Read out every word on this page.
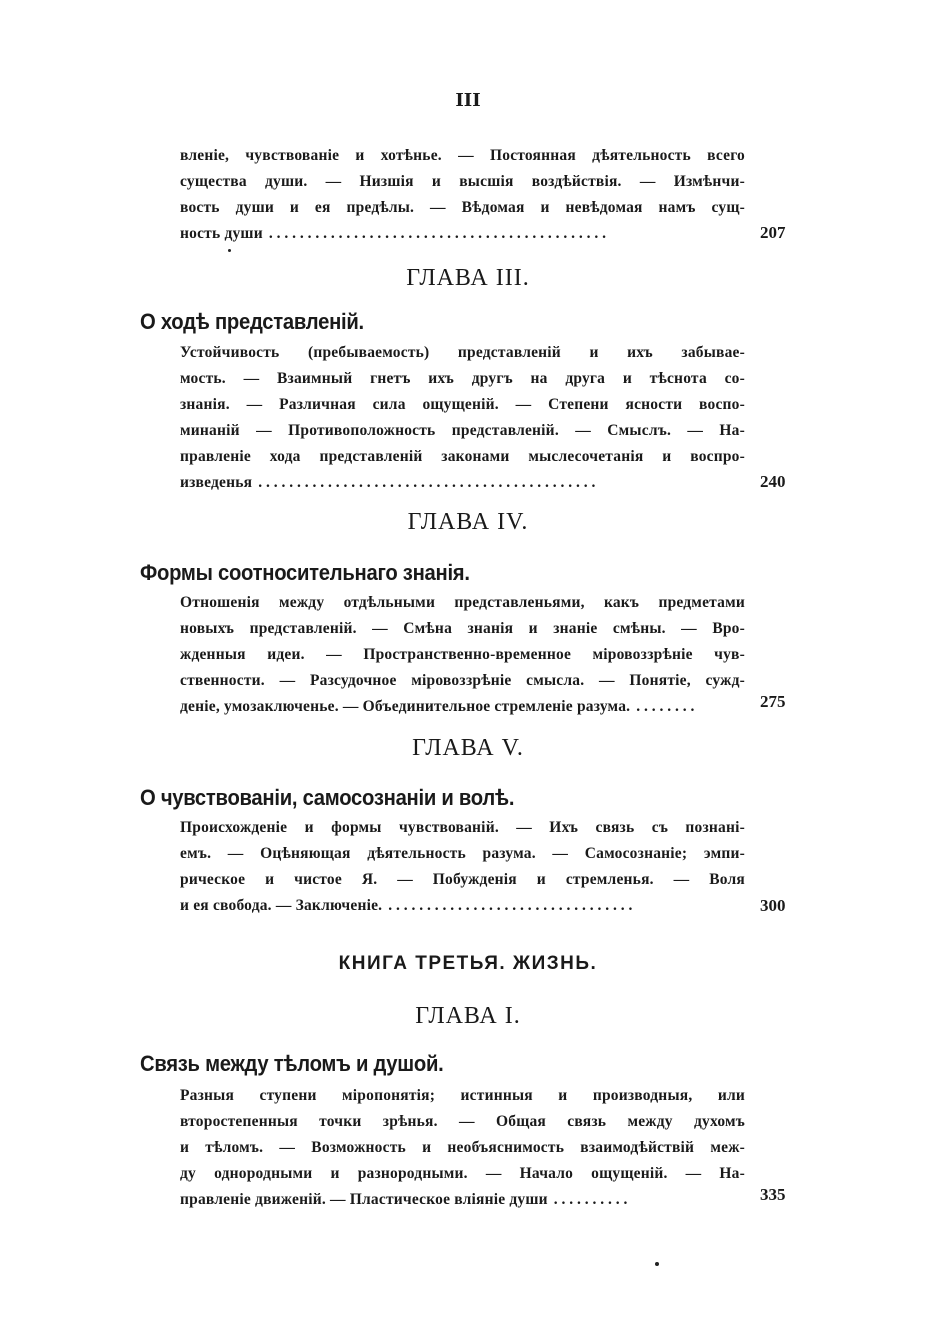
III
вленіе, чувствованіе и хотѣнье. — Постоянная дѣятельность всего
существа души. — Низшія и высшія воздѣйствія. — Измѣнчи-
вость души и ея предѣлы. — Вѣдомая и невѣдомая намъ сущ-
ность души . . . . . . . . . . . . . . . . . . . . . . . . . . . . . . . . . . . . . . . . . . . .	207
ГЛАВА III.
О ходѣ представленій.
Устойчивость (пребываемость) представленій и ихъ забывае-
мость. — Взаимный гнетъ ихъ другъ на друга и тѣснота со-
знанія. — Различная сила ощущеній. — Степени ясности воспо-
минаній — Противоположность представленій. — Смыслъ. — На-
правленіе хода представленій законами мыслесочетанія и воспро-
изведенья . . . . . . . . . . . . . . . . . . . . . . . . . . . . . . . . . . . . . . . . . . . .	240
ГЛАВА IV.
Формы соотносительнаго знанія.
Отношенія между отдѣльными представленьями, какъ предметами
новыхъ представленій. — Смѣна знанія и знаніе смѣны. — Вро-
жденныя идеи. — Пространственно-временное міровоззрѣніе чув-
ственности. — Разсудочное міровоззрѣніе смысла. — Понятіе, сужд-
деніе, умозаключенье. — Объединительное стремленіе разума. . . . . . . . .	275
ГЛАВА V.
О чувствованіи, самосознаніи и волѣ.
Происхожденіе и формы чувствованій. — Ихъ связь съ познані-
емъ. — Оцѣняющая дѣятельность разума. — Самосознаніе; эмпи-
рическое и чистое Я. — Побужденія и стремленья. — Воля
и ея свобода. — Заключеніе. . . . . . . . . . . . . . . . . . . . . . . . . . . . . . . . .	300
КНИГА ТРЕТЬЯ. ЖИЗНЬ.
ГЛАВА I.
Связь между тѣломъ и душой.
Разныя ступени міропонятія; истинныя и производныя, или
второстепенныя точки зрѣнья. — Общая связь между духомъ
и тѣломъ. — Возможность и необъяснимость взаимодѣйствій меж-
ду однородными и разнородными. — Начало ощущеній. — На-
правленіе движеній. — Пластическое вліяніе души . . . . . . . . . .	335
